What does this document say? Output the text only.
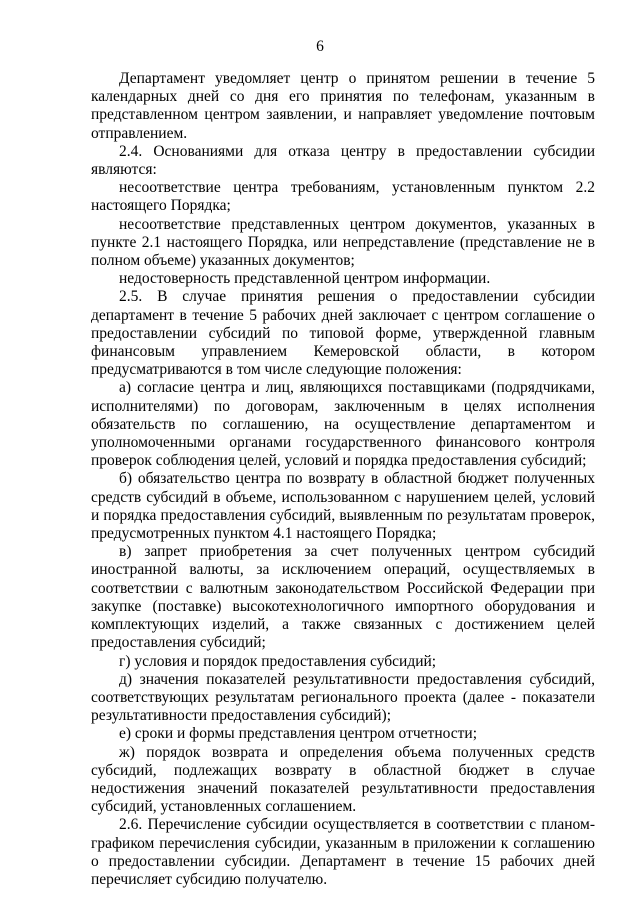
6

Департамент уведомляет центр о принятом решении в течение 5 календарных дней со дня его принятия по телефонам, указанным в представленном центром заявлении, и направляет уведомление почтовым отправлением.

2.4. Основаниями для отказа центру в предоставлении субсидии являются:

несоответствие центра требованиям, установленным пунктом 2.2 настоящего Порядка;

несоответствие представленных центром документов, указанных в пункте 2.1 настоящего Порядка, или непредставление (представление не в полном объеме) указанных документов;

недостоверность представленной центром информации.

2.5. В случае принятия решения о предоставлении субсидии департамент в течение 5 рабочих дней заключает с центром соглашение о предоставлении субсидий по типовой форме, утвержденной главным финансовым управлением Кемеровской области, в котором предусматриваются в том числе следующие положения:

а) согласие центра и лиц, являющихся поставщиками (подрядчиками, исполнителями) по договорам, заключенным в целях исполнения обязательств по соглашению, на осуществление департаментом и уполномоченными органами государственного финансового контроля проверок соблюдения целей, условий и порядка предоставления субсидий;

б) обязательство центра по возврату в областной бюджет полученных средств субсидий в объеме, использованном с нарушением целей, условий и порядка предоставления субсидий, выявленным по результатам проверок, предусмотренных пунктом 4.1 настоящего Порядка;

в) запрет приобретения за счет полученных центром субсидий иностранной валюты, за исключением операций, осуществляемых в соответствии с валютным законодательством Российской Федерации при закупке (поставке) высокотехнологичного импортного оборудования и комплектующих изделий, а также связанных с достижением целей предоставления субсидий;

г) условия и порядок предоставления субсидий;

д) значения показателей результативности предоставления субсидий, соответствующих результатам регионального проекта (далее - показатели результативности предоставления субсидий);

е) сроки и формы представления центром отчетности;

ж) порядок возврата и определения объема полученных средств субсидий, подлежащих возврату в областной бюджет в случае недостижения значений показателей результативности предоставления субсидий, установленных соглашением.

2.6. Перечисление субсидии осуществляется в соответствии с планом-графиком перечисления субсидии, указанным в приложении к соглашению о предоставлении субсидии. Департамент в течение 15 рабочих дней перечисляет субсидию получателю.
